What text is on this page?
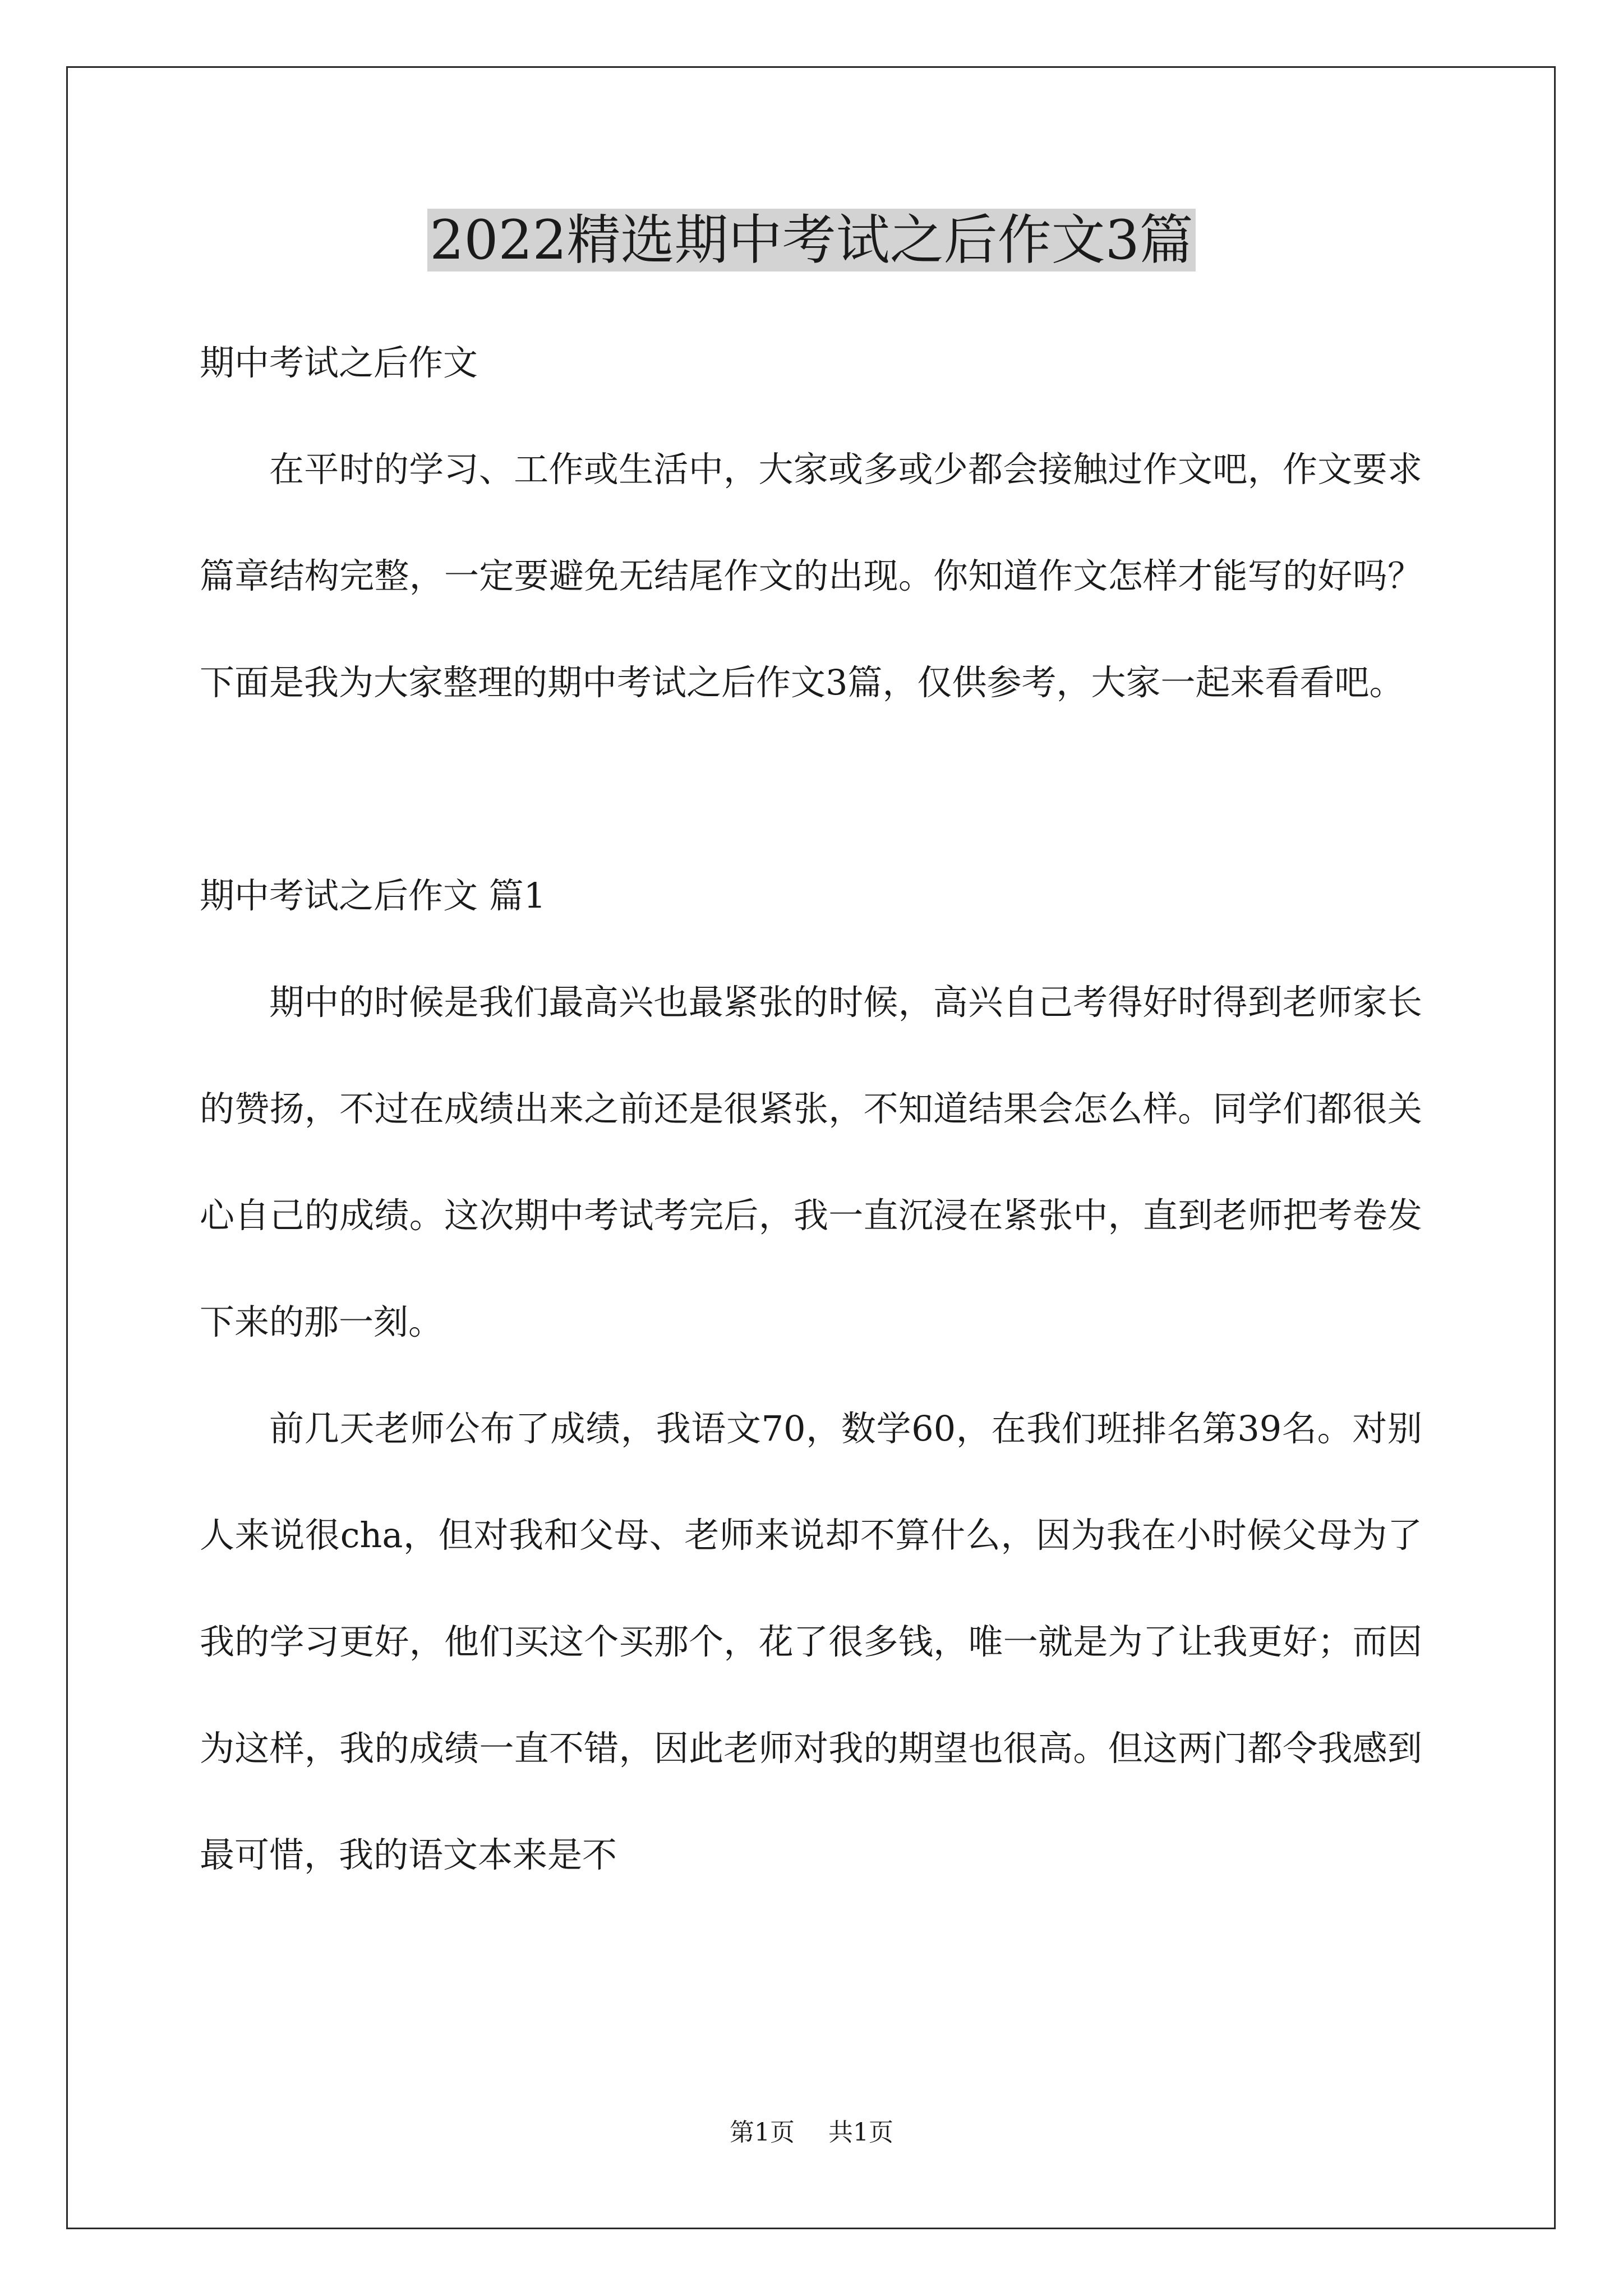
2022精选期中考试之后作文3篇

期中考试之后作文

在平时的学习、工作或生活中，大家或多或少都会接触过作文吧，作文要求篇章结构完整，一定要避免无结尾作文的出现。你知道作文怎样才能写的好吗？下面是我为大家整理的期中考试之后作文3篇，仅供参考，大家一起来看看吧。

期中考试之后作文 篇1

期中的时候是我们最高兴也最紧张的时候，高兴自己考得好时得到老师家长的赞扬，不过在成绩出来之前还是很紧张，不知道结果会怎么样。同学们都很关心自己的成绩。这次期中考试考完后，我一直沉浸在紧张中，直到老师把考卷发下来的那一刻。

前几天老师公布了成绩，我语文70，数学60，在我们班排名第39名。对别人来说很cha，但对我和父母、老师来说却不算什么，因为我在小时候父母为了我的学习更好，他们买这个买那个，花了很多钱，唯一就是为了让我更好；而因为这样，我的成绩一直不错，因此老师对我的期望也很高。但这两门都令我感到最可惜，我的语文本来是不

第1页 共1页
